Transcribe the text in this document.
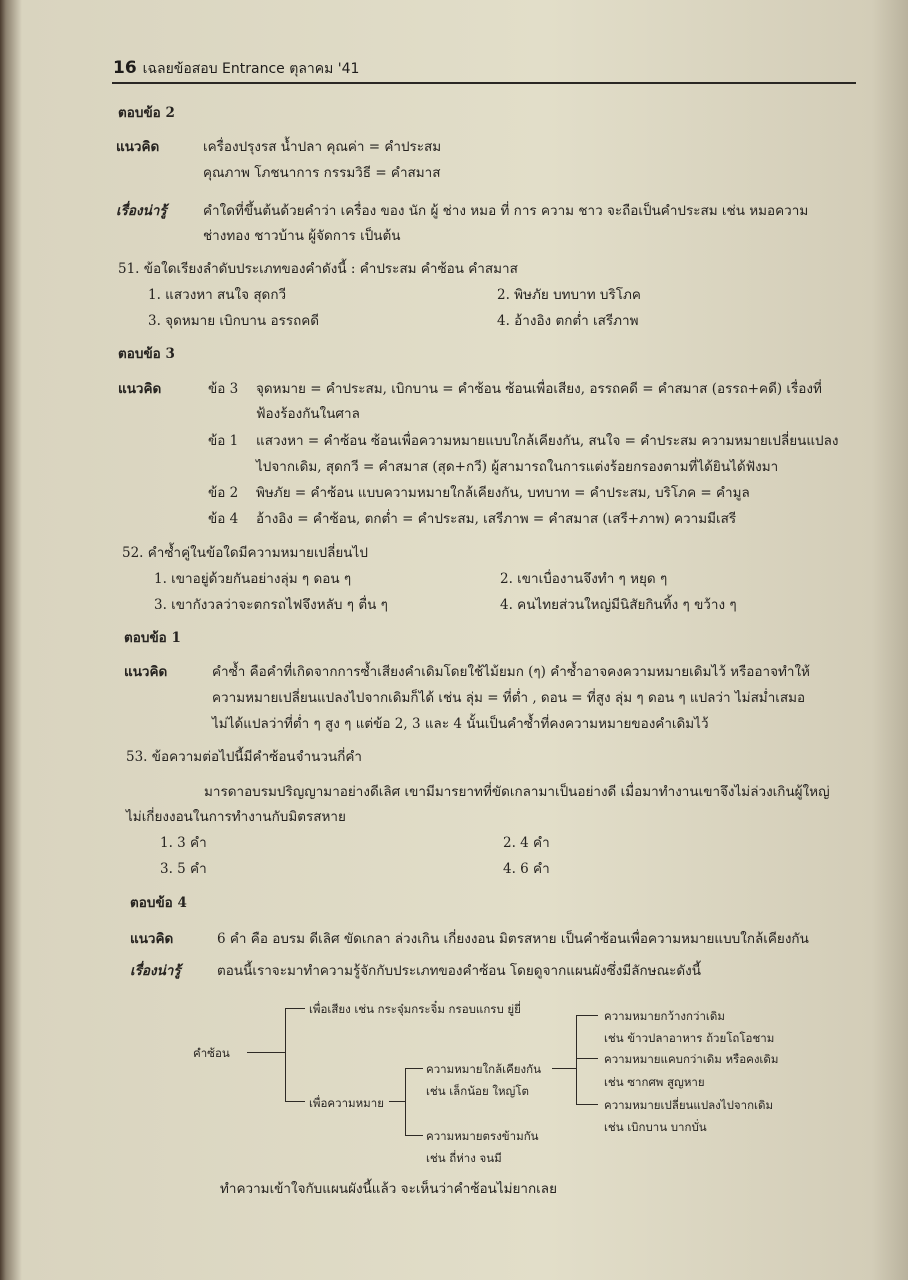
16 เฉลยข้อสอบ Entrance ตุลาคม '41
ตอบข้อ 2
แนวคิด	เครื่องปรุงรส น้ำปลา คุณค่า = คำประสม
คุณภาพ โภชนาการ กรรมวิธี = คำสมาส
เรื่องน่ารู้	คำใดที่ขึ้นต้นด้วยคำว่า เครื่อง ของ นัก ผู้ ช่าง หมอ ที่ การ ความ ชาว จะถือเป็นคำประสม เช่น หมอความ
ช่างทอง ชาวบ้าน ผู้จัดการ เป็นต้น
51. ข้อใดเรียงลำดับประเภทของคำดังนี้ : คำประสม คำซ้อน คำสมาส
1. แสวงหา สนใจ สุดกวี	2. พิษภัย บทบาท บริโภค
3. จุดหมาย เบิกบาน อรรถคดี	4. อ้างอิง ตกต่ำ เสรีภาพ
ตอบข้อ 3
แนวคิด	ข้อ 3 จุดหมาย = คำประสม, เบิกบาน = คำซ้อน ซ้อนเพื่อเสียง, อรรถคดี = คำสมาส (อรรถ+คดี) เรื่องที่
ฟ้องร้องกันในศาล
ข้อ 1 แสวงหา = คำซ้อน ซ้อนเพื่อความหมายแบบใกล้เคียงกัน, สนใจ = คำประสม ความหมายเปลี่ยนแปลง
ไปจากเดิม, สุดกวี = คำสมาส (สุด+กวี) ผู้สามารถในการแต่งร้อยกรองตามที่ได้ยินได้ฟังมา
ข้อ 2 พิษภัย = คำซ้อน แบบความหมายใกล้เคียงกัน, บทบาท = คำประสม, บริโภค = คำมูล
ข้อ 4 อ้างอิง = คำซ้อน, ตกต่ำ = คำประสม, เสรีภาพ = คำสมาส (เสรี+ภาพ) ความมีเสรี
52. คำซ้ำคู่ในข้อใดมีความหมายเปลี่ยนไป
1. เขาอยู่ด้วยกันอย่างลุ่ม ๆ ดอน ๆ	2. เขาเบื่องานจึงทำ ๆ หยุด ๆ
3. เขากังวลว่าจะตกรถไฟจึงหลับ ๆ ตื่น ๆ	4. คนไทยส่วนใหญ่มีนิสัยกินทิ้ง ๆ ขว้าง ๆ
ตอบข้อ 1
แนวคิด	คำซ้ำ คือคำที่เกิดจากการซ้ำเสียงคำเดิมโดยใช้ไม้ยมก (ๆ) คำซ้ำอาจคงความหมายเดิมไว้ หรืออาจทำให้
ความหมายเปลี่ยนแปลงไปจากเดิมก็ได้ เช่น ลุ่ม = ที่ต่ำ , ดอน = ที่สูง ลุ่ม ๆ ดอน ๆ แปลว่า ไม่สม่ำเสมอ
ไม่ได้แปลว่าที่ต่ำ ๆ สูง ๆ แต่ข้อ 2, 3 และ 4 นั้นเป็นคำซ้ำที่คงความหมายของคำเดิมไว้
53. ข้อความต่อไปนี้มีคำซ้อนจำนวนกี่คำ
มารดาอบรมปริญญามาอย่างดีเลิศ เขามีมารยาทที่ขัดเกลามาเป็นอย่างดี เมื่อมาทำงานเขาจึงไม่ล่วงเกินผู้ใหญ่
ไม่เกี่ยงงอนในการทำงานกับมิตรสหาย
1. 3 คำ	2. 4 คำ
3. 5 คำ	4. 6 คำ
ตอบข้อ 4
แนวคิด	6 คำ คือ อบรม ดีเลิศ ขัดเกลา ล่วงเกิน เกี่ยงงอน มิตรสหาย เป็นคำซ้อนเพื่อความหมายแบบใกล้เคียงกัน
เรื่องน่ารู้	ตอนนี้เราจะมาทำความรู้จักกับประเภทของคำซ้อน โดยดูจากแผนผังซึ่งมีลักษณะดังนี้
คำซ้อน
เพื่อเสียง เช่น กระจุ๋มกระจิ๋ม กรอบแกรบ ยู่ยี่
เพื่อความหมาย
ความหมายใกล้เคียงกัน
เช่น เล็กน้อย ใหญ่โต
ความหมายตรงข้ามกัน
เช่น ถี่ห่าง จนมี
ความหมายกว้างกว่าเดิม
เช่น ข้าวปลาอาหาร ถ้วยโถโอชาม
ความหมายแคบกว่าเดิม หรือคงเดิม
เช่น ซากศพ สูญหาย
ความหมายเปลี่ยนแปลงไปจากเดิม
เช่น เบิกบาน บากบั่น
ทำความเข้าใจกับแผนผังนี้แล้ว จะเห็นว่าคำซ้อนไม่ยากเลย
